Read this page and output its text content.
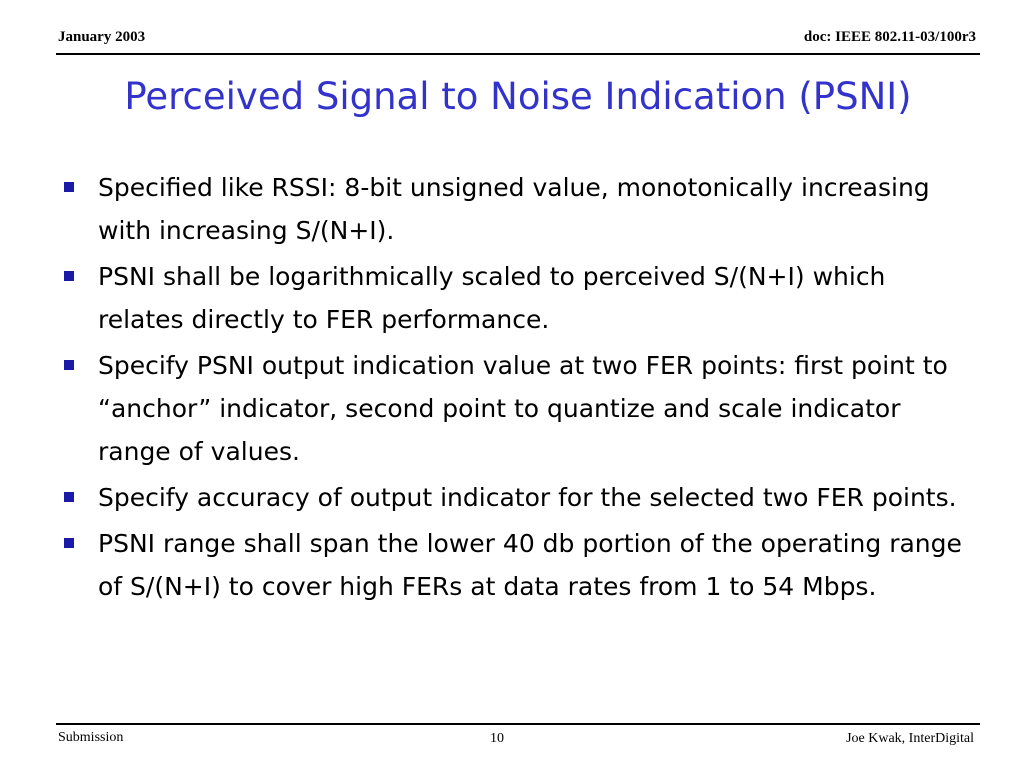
January 2003	doc: IEEE 802.11-03/100r3
Perceived Signal to Noise Indication (PSNI)
Specified like RSSI: 8-bit unsigned value, monotonically increasing with increasing S/(N+I).
PSNI shall be logarithmically scaled to perceived S/(N+I) which relates directly to FER performance.
Specify PSNI output indication value at two FER points: first point to “anchor” indicator, second point to quantize and scale indicator range of values.
Specify accuracy of output indicator for the selected two FER points.
PSNI range shall span the lower 40 db portion of the operating range of S/(N+I) to cover high FERs at data rates from 1 to 54 Mbps.
Submission	10	Joe Kwak, InterDigital
